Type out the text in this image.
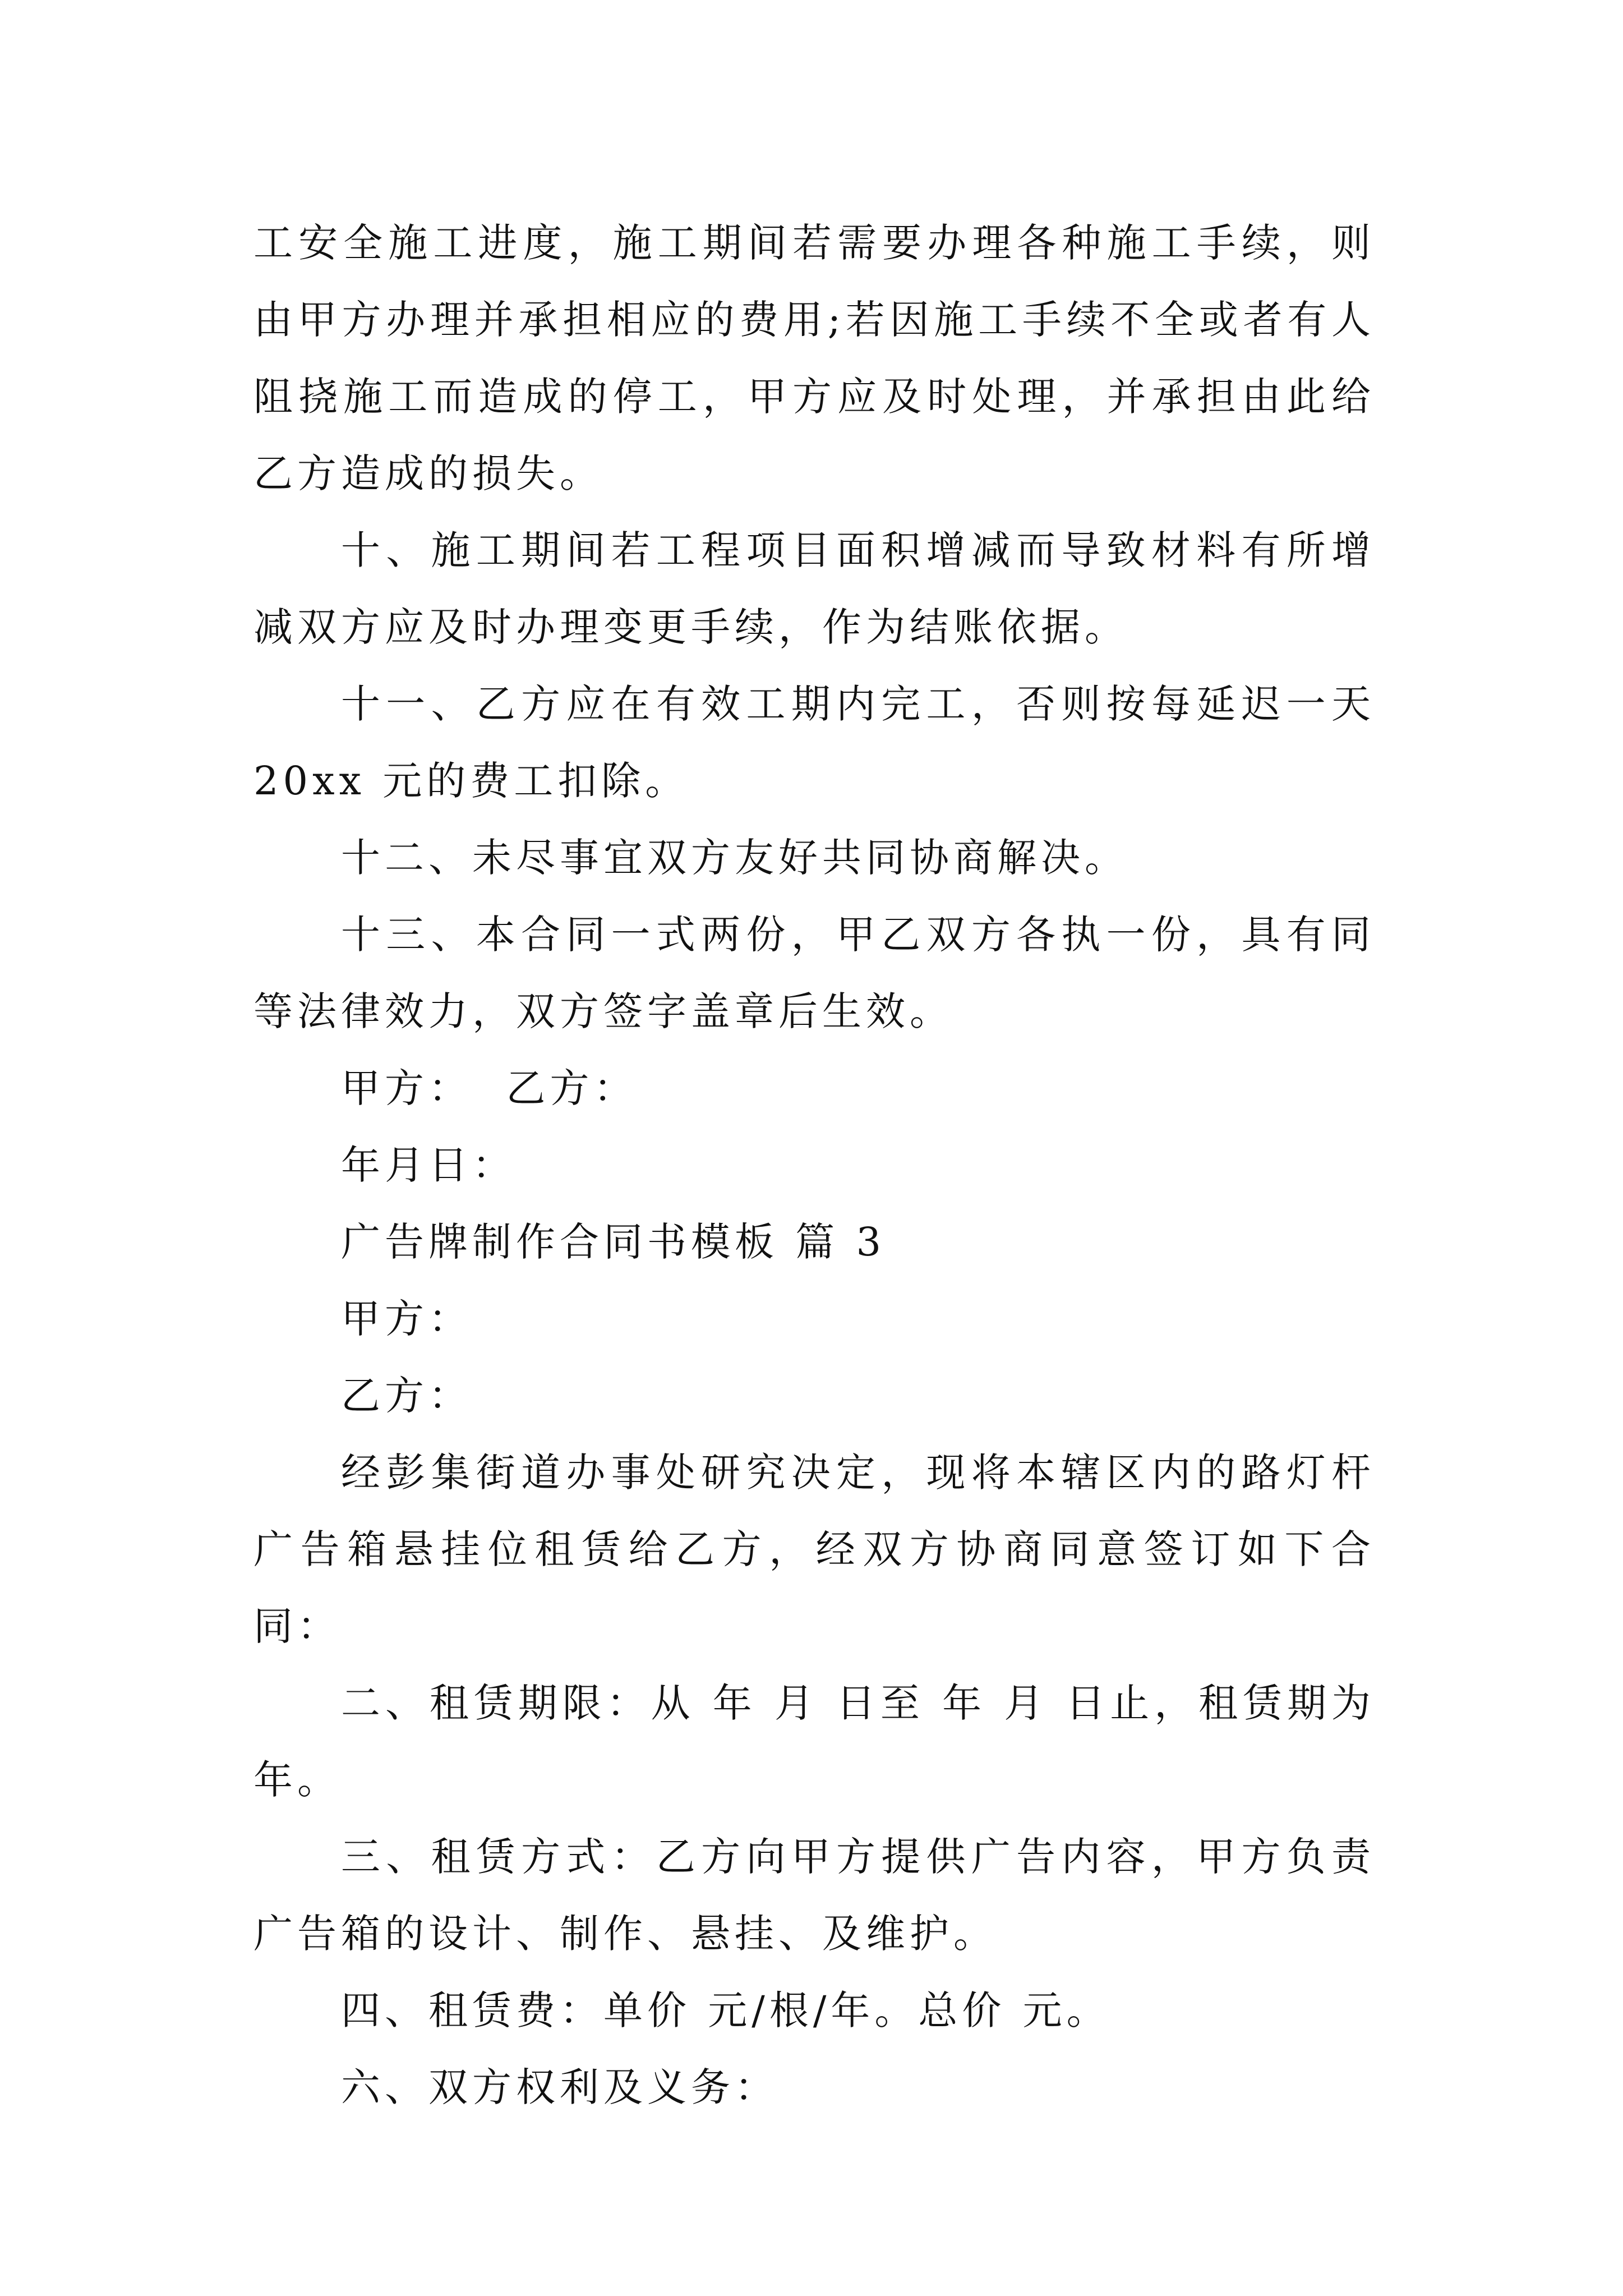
工安全施工进度，施工期间若需要办理各种施工手续，则由甲方办理并承担相应的费用;若因施工手续不全或者有人阻挠施工而造成的停工，甲方应及时处理，并承担由此给乙方造成的损失。

十、施工期间若工程项目面积增减而导致材料有所增减双方应及时办理变更手续，作为结账依据。

十一、乙方应在有效工期内完工，否则按每延迟一天20xx 元的费工扣除。

十二、未尽事宜双方友好共同协商解决。

十三、本合同一式两份，甲乙双方各执一份，具有同等法律效力，双方签字盖章后生效。

甲方：  乙方：

年月日：

广告牌制作合同书模板 篇 3

甲方：

乙方：

经彭集街道办事处研究决定，现将本辖区内的路灯杆广告箱悬挂位租赁给乙方，经双方协商同意签订如下合同：

二、租赁期限：从 年 月 日至 年 月 日止，租赁期为年。

三、租赁方式：乙方向甲方提供广告内容，甲方负责广告箱的设计、制作、悬挂、及维护。

四、租赁费：单价 元/根/年。总价 元。

六、双方权利及义务：
